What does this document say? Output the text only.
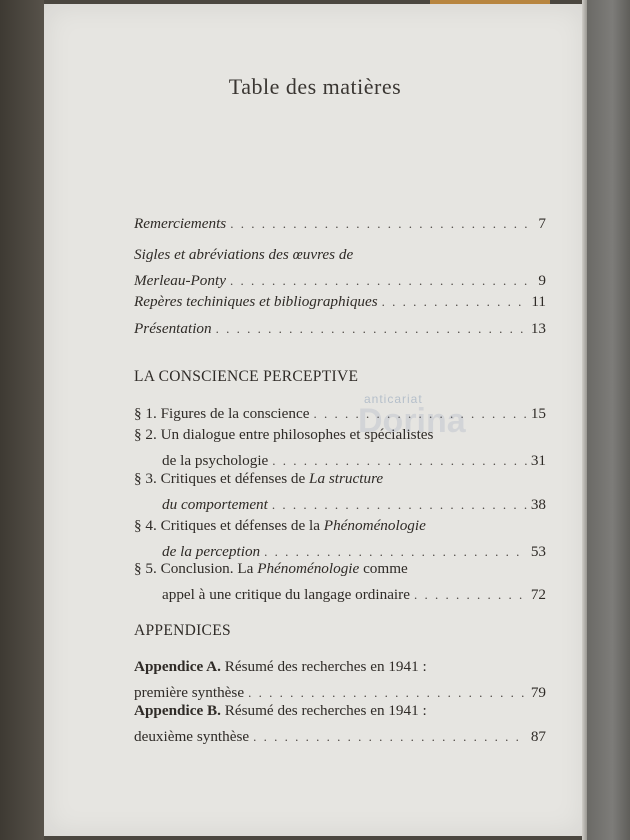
Table des matières
Remerciements . . .	7
Sigles et abréviations des œuvres de
Merleau-Ponty . . .	9
Repères techiniques et bibliographiques . . .	11
Présentation . . .	13
LA CONSCIENCE PERCEPTIVE
§ 1. Figures de la conscience . . .	15
§ 2. Un dialogue entre philosophes et spécialistes
de la psychologie . . .	31
§ 3. Critiques et défenses de La structure
du comportement . . .	38
§ 4. Critiques et défenses de la Phénoménologie
de la perception . . .	53
§ 5. Conclusion. La Phénoménologie comme
appel à une critique du langage ordinaire . . .	72
APPENDICES
Appendice A. Résumé des recherches en 1941 :
première synthèse . . .	79
Appendice B. Résumé des recherches en 1941 :
deuxième synthèse . . .	87
anticariat
Dorina
